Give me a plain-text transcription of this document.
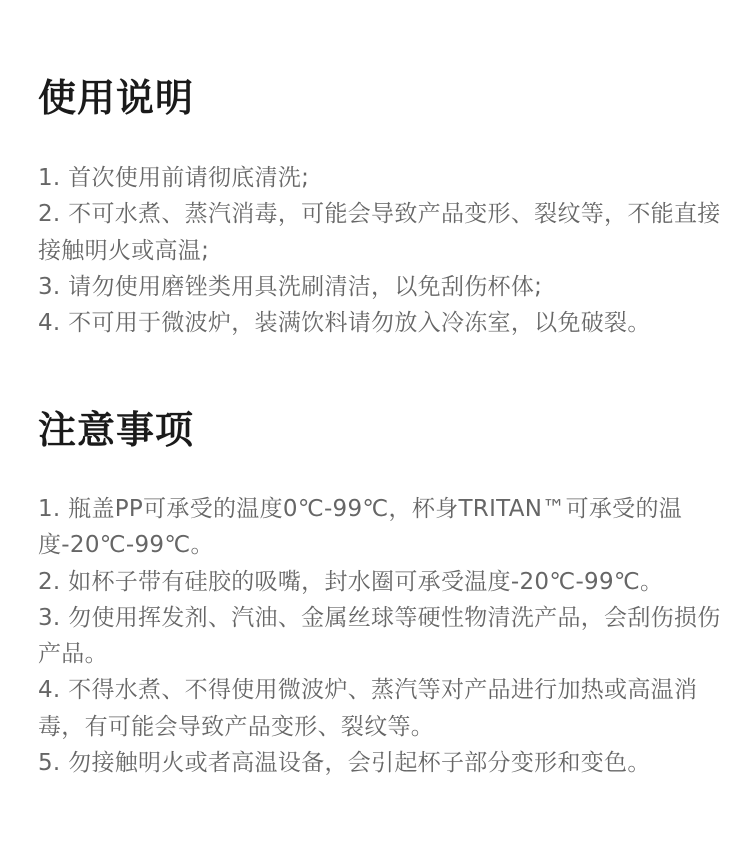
使用说明
1. 首次使用前请彻底清洗;
2. 不可水煮、蒸汽消毒，可能会导致产品变形、裂纹等，不能直接接触明火或高温;
3. 请勿使用磨锉类用具洗刷清洁，以免刮伤杯体;
4. 不可用于微波炉，装满饮料请勿放入冷冻室，以免破裂。
注意事项
1. 瓶盖PP可承受的温度0℃-99℃，杯身TRITAN™可承受的温度-20℃-99℃。
2. 如杯子带有硅胶的吸嘴，封水圈可承受温度-20℃-99℃。
3. 勿使用挥发剂、汽油、金属丝球等硬性物清洗产品，会刮伤损伤产品。
4. 不得水煮、不得使用微波炉、蒸汽等对产品进行加热或高温消毒，有可能会导致产品变形、裂纹等。
5. 勿接触明火或者高温设备，会引起杯子部分变形和变色。
